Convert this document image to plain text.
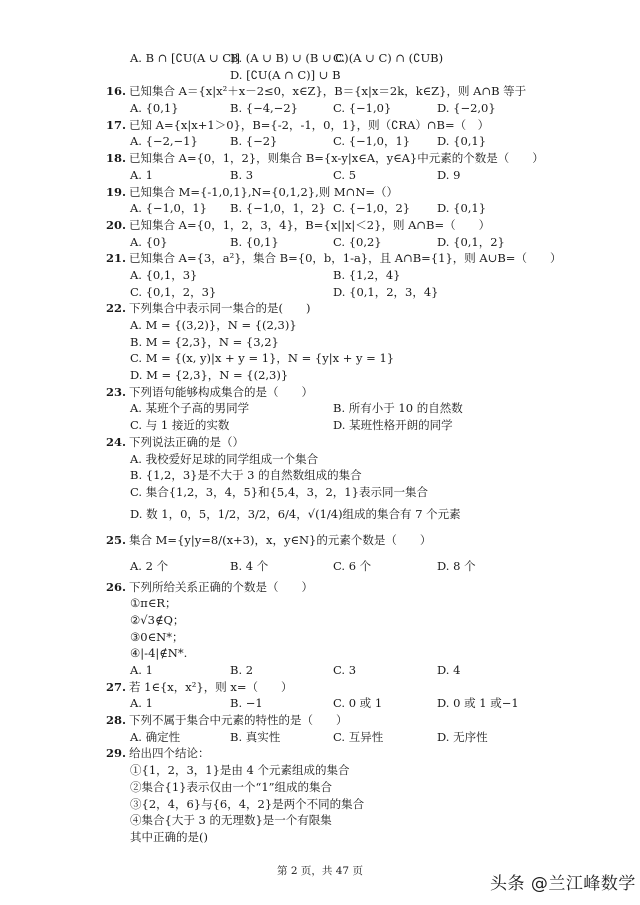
A. B ∩ [∁U(A ∪ C)]
B. (A ∪ B) ∪ (B ∪ C)
C. (A ∪ C) ∩ (∁UB)
D. [∁U(A ∩ C)] ∪ B
16. 已知集合 A＝{x|x²＋x－2≤0，x∈Z}，B＝{x|x＝2k，k∈Z}，则 A∩B 等于
A. {0,1}	B. {−4,−2}	C. {−1,0}	D. {−2,0}
17. 已知 A={x|x+1＞0}，B={-2，-1，0，1}，则（∁RA）∩B=（　）
A. {−2,−1}	B. {−2}	C. {−1,0，1} D. {0,1}
18. 已知集合 A={0，1，2}，则集合 B={x-y|x∈A，y∈A}中元素的个数是（　　）
A. 1	B. 3	C. 5	D. 9
19. 已知集合 M={-1,0,1},N={0,1,2},则 M∩N=（）
A. {−1,0，1} B. {−1,0，1，2} C. {−1,0，2} D. {0,1}
20. 已知集合 A={0，1，2，3，4}，B={x||x|＜2}，则 A∩B=（　　）
A. {0}	B. {0,1}	C. {0,2}	D. {0,1，2}
21. 已知集合 A={3，a²}，集合 B={0，b，1-a}，且 A∩B={1}，则 A∪B=（　　）
A. {0,1，3}	B. {1,2，4}
C. {0,1，2，3}	D. {0,1，2，3，4}
22. 下列集合中表示同一集合的是(　　)
A. M = {(3,2)}，N = {(2,3)}
B. M = {2,3}，N = {3,2}
C. M = {(x, y)|x + y = 1}，N = {y|x + y = 1}
D. M = {2,3}，N = {(2,3)}
23. 下列语句能够构成集合的是（　　）
A. 某班个子高的男同学	B. 所有小于 10 的自然数
C. 与 1 接近的实数	D. 某班性格开朗的同学
24. 下列说法正确的是（）
A. 我校爱好足球的同学组成一个集合
B. {1,2，3}是不大于 3 的自然数组成的集合
C. 集合{1,2，3，4，5}和{5,4，3，2，1}表示同一集合
D. 数 1，0，5，1/2，3/2，6/4，√(1/4)组成的集合有 7 个元素
25. 集合 M={y|y=8/(x+3)，x，y∈N}的元素个数是（　　）
A. 2 个	B. 4 个	C. 6 个	D. 8 个
26. 下列所给关系正确的个数是（　　）
①π∈R；
②√3∉Q；
③0∈N*；
④|-4|∉N*.
A. 1	B. 2	C. 3	D. 4
27. 若 1∈{x，x²}，则 x=（　　）
A. 1	B. −1	C. 0 或 1	D. 0 或 1 或−1
28. 下列不属于集合中元素的特性的是（　　）
A. 确定性	B. 真实性	C. 互异性	D. 无序性
29. 给出四个结论：
①{1，2，3，1}是由 4 个元素组成的集合
②集合{1}表示仅由一个“1”组成的集合
③{2，4，6}与{6，4，2}是两个不同的集合
④集合{大于 3 的无理数}是一个有限集
其中正确的是()
第 2 页，共 47 页
头条 @兰江峰数学
